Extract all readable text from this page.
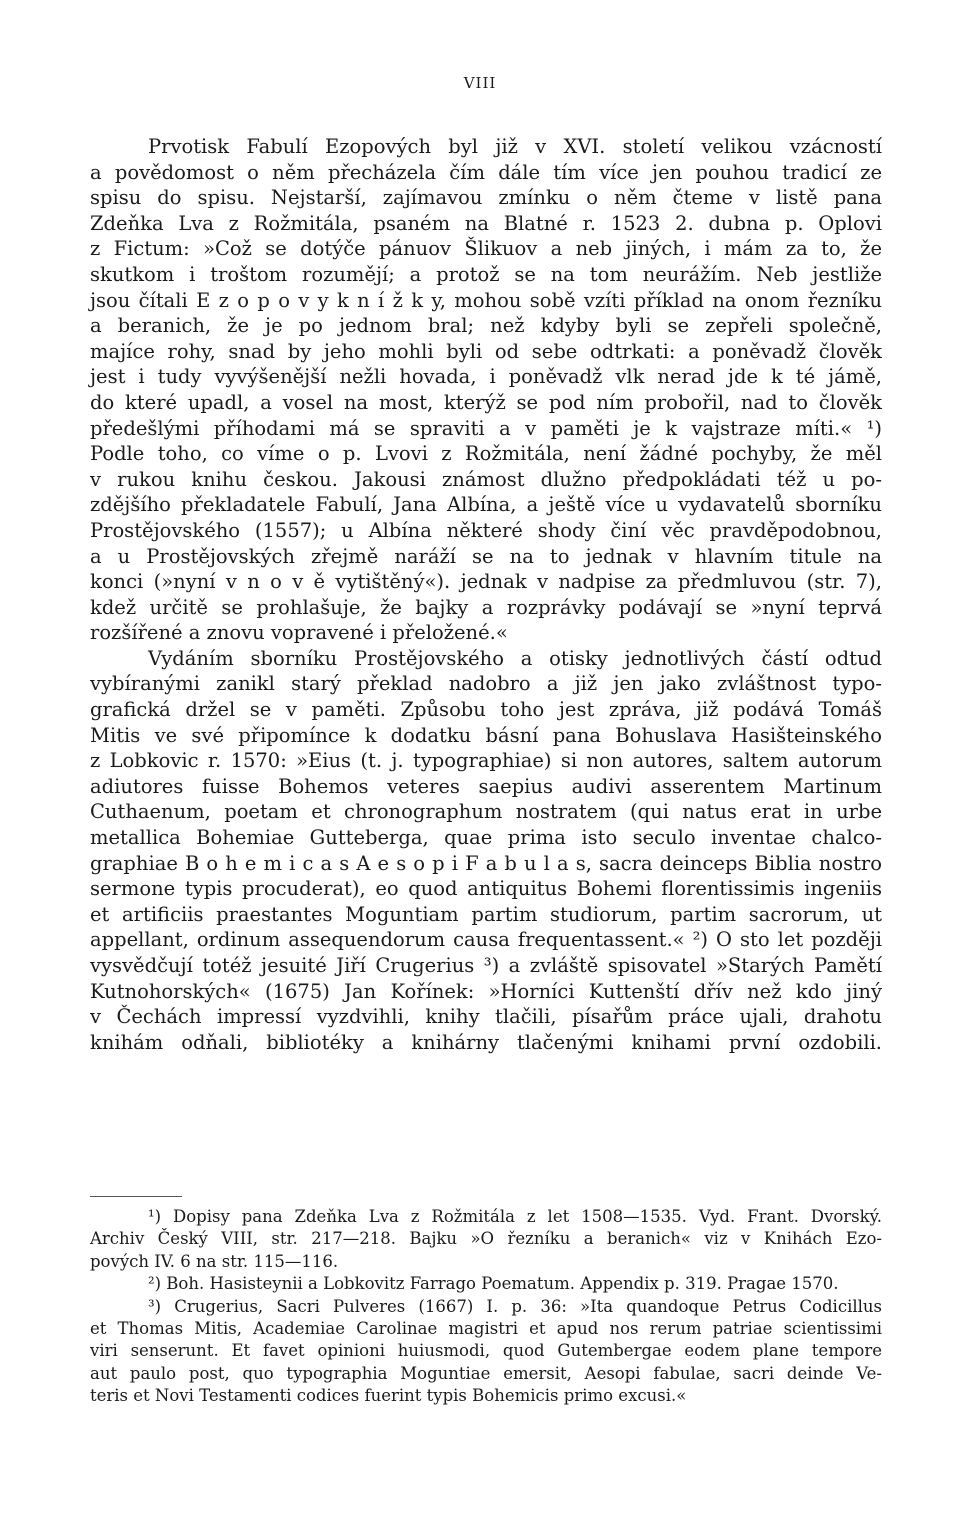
VIII
Prvotisk Fabulí Ezopových byl již v XVI. století velikou vzácností
a povědomost o něm přecházela čím dále tím více jen pouhou tradicí ze
spisu do spisu. Nejstarší, zajímavou zmínku o něm čteme v listě pana
Zdeňka Lva z Rožmitála, psaném na Blatné r. 1523 2. dubna p. Oplovi
z Fictum: »Což se dotýče pánuov Šlikuov a neb jiných, i mám za to, že
skutkom i troštom rozumějí; a protož se na tom neurážím. Neb jestliže
jsou čítali E z o p o v y k n í ž k y, mohou sobě vzíti příklad na onom řezníku
a beranich, že je po jednom bral; než kdyby byli se zepřeli společně,
majíce rohy, snad by jeho mohli byli od sebe odtrkati: a poněvadž člověk
jest i tudy vyvýšenější nežli hovada, i poněvadž vlk nerad jde k té jámě,
do které upadl, a vosel na most, kterýž se pod ním probořil, nad to člověk
předešlými příhodami má se spraviti a v paměti je k vajstraze míti.« ¹)
Podle toho, co víme o p. Lvovi z Rožmitála, není žádné pochyby, že měl
v rukou knihu českou. Jakousi známost dlužno předpokládati též u po-
zdějšího překladatele Fabulí, Jana Albína, a ještě více u vydavatelů sborníku
Prostějovského (1557); u Albína některé shody činí věc pravděpodobnou,
a u Prostějovských zřejmě naráží se na to jednak v hlavním titule na
konci (»nyní v n o v ě vytištěný«). jednak v nadpise za předmluvou (str. 7),
kdež určitě se prohlašuje, že bajky a rozprávky podávají se »nyní teprvá
rozšířené a znovu vopravené i přeložené.«
Vydáním sborníku Prostějovského a otisky jednotlivých částí odtud
vybíranými zanikl starý překlad nadobro a již jen jako zvláštnost typo-
grafická držel se v paměti. Způsobu toho jest zpráva, již podává Tomáš
Mitis ve své připomínce k dodatku básní pana Bohuslava Hasišteinského
z Lobkovic r. 1570: »Eius (t. j. typographiae) si non autores, saltem autorum
adiutores fuisse Bohemos veteres saepius audivi asserentem Martinum
Cuthaenum, poetam et chronographum nostratem (qui natus erat in urbe
metallica Bohemiae Gutteberga, quae prima isto seculo inventae chalco-
graphiae B o h e m i c a s A e s o p i F a b u l a s, sacra deinceps Biblia nostro
sermone typis procuderat), eo quod antiquitus Bohemi florentissimis ingeniis
et artificiis praestantes Moguntiam partim studiorum, partim sacrorum, ut
appellant, ordinum assequendorum causa frequentassent.« ²) O sto let později
vysvědčují totéž jesuité Jiří Crugerius ³) a zvláště spisovatel »Starých Pamětí
Kutnohorských« (1675) Jan Kořínek: »Horníci Kuttenští dřív než kdo jiný
v Čechách impressí vyzdvihli, knihy tlačili, písařům práce ujali, drahotu
knihám odňali, bibliotéky a knihárny tlačenými knihami první ozdobili.
¹) Dopisy pana Zdeňka Lva z Rožmitála z let 1508—1535. Vyd. Frant. Dvorský.
Archiv Český VIII, str. 217—218. Bajku »O řezníku a beranich« viz v Knihách Ezo-
pových IV. 6 na str. 115—116.
²) Boh. Hasisteynii a Lobkovitz Farrago Poematum. Appendix p. 319. Pragae 1570.
³) Crugerius, Sacri Pulveres (1667) I. p. 36: »Ita quandoque Petrus Codicillus
et Thomas Mitis, Academiae Carolinae magistri et apud nos rerum patriae scientissimi
viri senserunt. Et favet opinioni huiusmodi, quod Gutembergae eodem plane tempore
aut paulo post, quo typographia Moguntiae emersit, Aesopi fabulae, sacri deinde Ve-
teris et Novi Testamenti codices fuerint typis Bohemicis primo excusi.«
